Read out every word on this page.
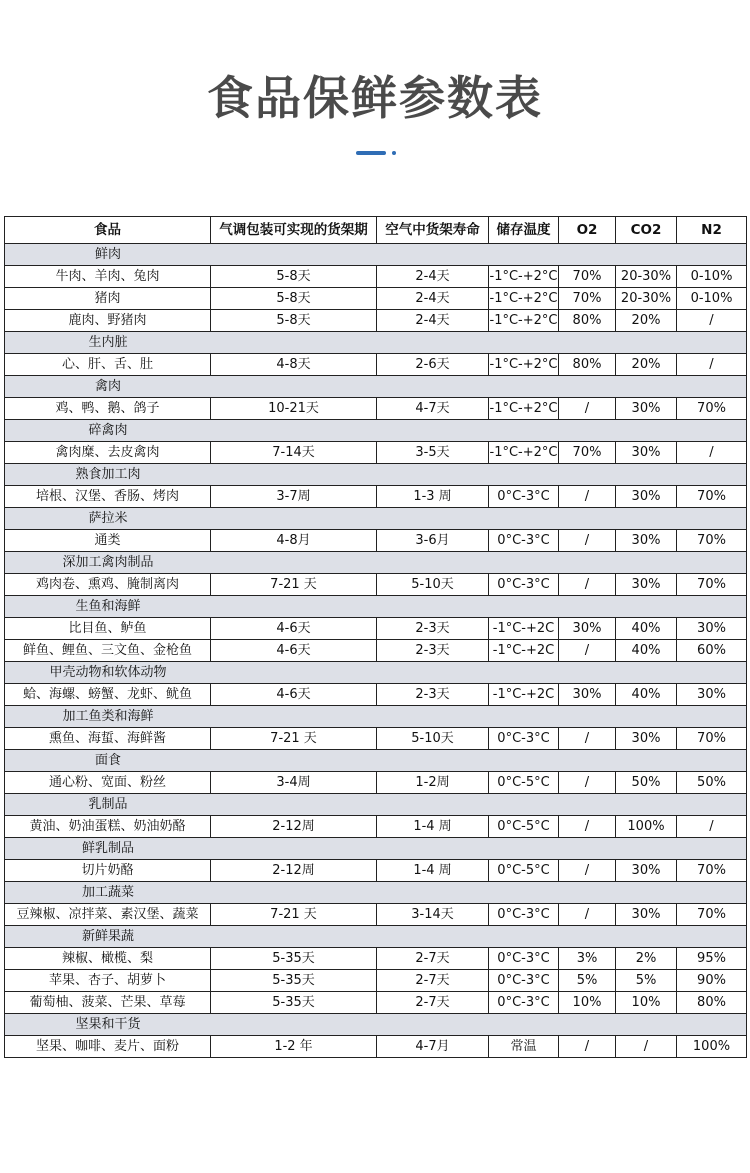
食品保鲜参数表
食品	气调包装可实现的货架期	空气中货架寿命	储存温度	O2	CO2	N2
鲜肉						
牛肉、羊肉、兔肉	5-8天	2-4天	-1°C-+2°C	70%	20-30%	0-10%
猪肉	5-8天	2-4天	-1°C-+2°C	70%	20-30%	0-10%
鹿肉、野猪肉	5-8天	2-4天	-1°C-+2°C	80%	20%	/
生内脏						
心、肝、舌、肚	4-8天	2-6天	-1°C-+2°C	80%	20%	/
禽肉						
鸡、鸭、鹅、鸽子	10-21天	4-7天	-1°C-+2°C	/	30%	70%
碎禽肉						
禽肉糜、去皮禽肉	7-14天	3-5天	-1°C-+2°C	70%	30%	/
熟食加工肉						
培根、汉堡、香肠、烤肉	3-7周	1-3 周	0°C-3°C	/	30%	70%
萨拉米						
通类	4-8月	3-6月	0°C-3°C	/	30%	70%
深加工禽肉制品						
鸡肉卷、熏鸡、腌制离肉	7-21 天	5-10天	0°C-3°C	/	30%	70%
生鱼和海鲜						
比目鱼、鲈鱼	4-6天	2-3天	-1°C-+2C	30%	40%	30%
鲜鱼、鲤鱼、三文鱼、金枪鱼	4-6天	2-3天	-1°C-+2C	/	40%	60%
甲壳动物和软体动物						
蛤、海螺、螃蟹、龙虾、鱿鱼	4-6天	2-3天	-1°C-+2C	30%	40%	30%
加工鱼类和海鲜						
熏鱼、海蜇、海鲜酱	7-21 天	5-10天	0°C-3°C	/	30%	70%
面食						
通心粉、宽面、粉丝	3-4周	1-2周	0°C-5°C	/	50%	50%
乳制品						
黄油、奶油蛋糕、奶油奶酪	2-12周	1-4 周	0°C-5°C	/	100%	/
鲜乳制品						
切片奶酪	2-12周	1-4 周	0°C-5°C	/	30%	70%
加工蔬菜						
豆辣椒、凉拌菜、素汉堡、蔬菜	7-21 天	3-14天	0°C-3°C	/	30%	70%
新鲜果蔬						
辣椒、橄榄、梨	5-35天	2-7天	0°C-3°C	3%	2%	95%
苹果、杏子、胡萝卜	5-35天	2-7天	0°C-3°C	5%	5%	90%
葡萄柚、菠菜、芒果、草莓	5-35天	2-7天	0°C-3°C	10%	10%	80%
坚果和干货						
坚果、咖啡、麦片、面粉	1-2 年	4-7月	常温	/	/	100%
